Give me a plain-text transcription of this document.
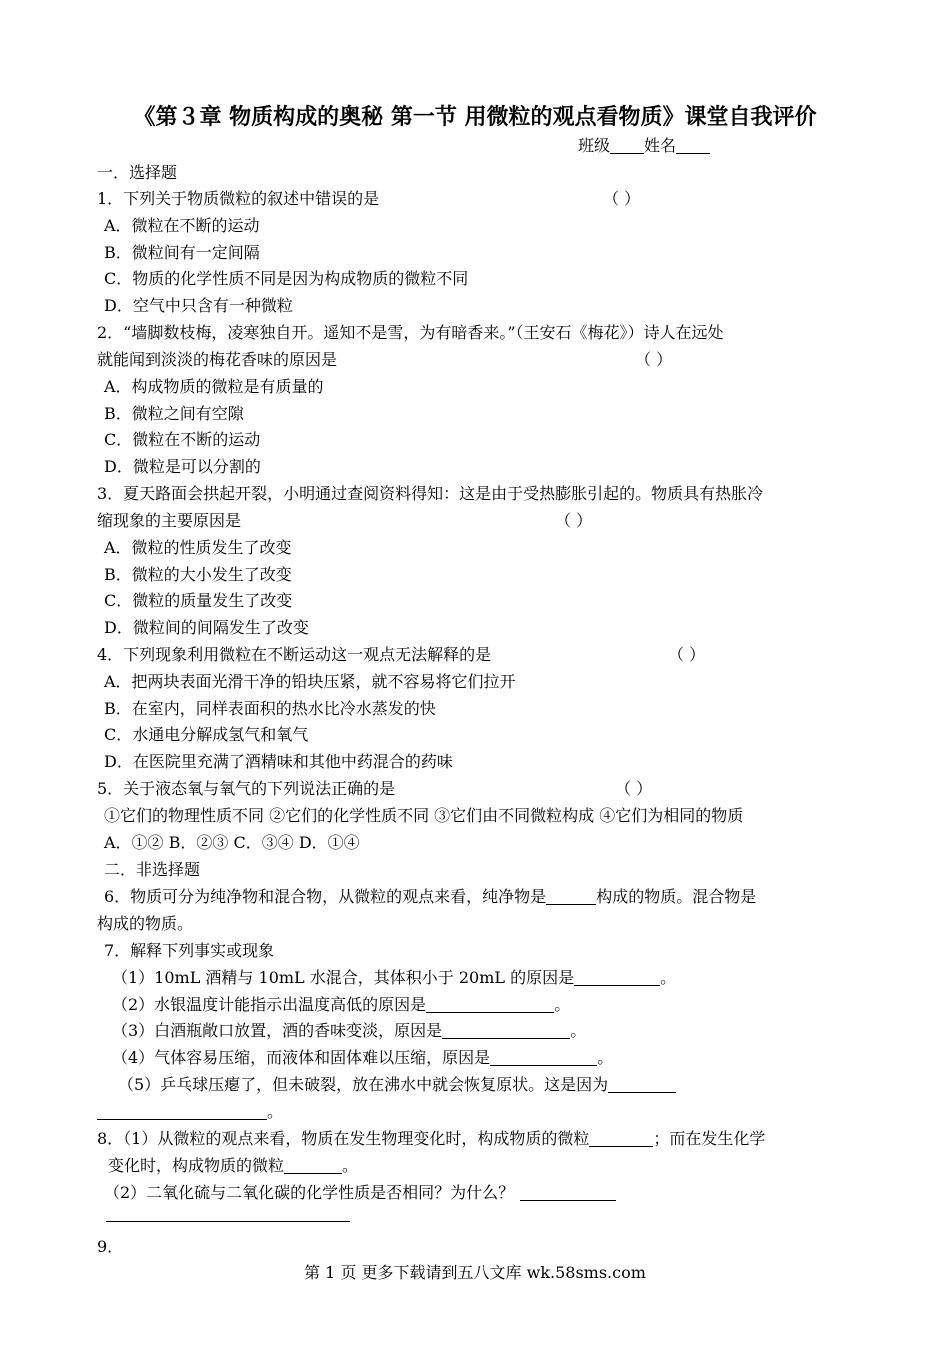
《第３章 物质构成的奥秘 第一节 用微粒的观点看物质》课堂自我评价
班级 姓名
一．选择题
1．下列关于物质微粒的叙述中错误的是	（ ）
A．微粒在不断的运动
B．微粒间有一定间隔
C．物质的化学性质不同是因为构成物质的微粒不同
D．空气中只含有一种微粒
2．“墙脚数枝梅，凌寒独自开。遥知不是雪，为有暗香来。”（王安石《梅花》）诗人在远处
就能闻到淡淡的梅花香味的原因是	（ ）
A．构成物质的微粒是有质量的
B．微粒之间有空隙
C．微粒在不断的运动
D．微粒是可以分割的
3．夏天路面会拱起开裂，小明通过查阅资料得知：这是由于受热膨胀引起的。物质具有热胀冷
缩现象的主要原因是	（ ）
A．微粒的性质发生了改变
B．微粒的大小发生了改变
C．微粒的质量发生了改变
D．微粒间的间隔发生了改变
4．下列现象利用微粒在不断运动这一观点无法解释的是	（ ）
A．把两块表面光滑干净的铅块压紧，就不容易将它们拉开
B．在室内，同样表面积的热水比冷水蒸发的快
C．水通电分解成氢气和氧气
D．在医院里充满了酒精味和其他中药混合的药味
5．关于液态氧与氧气的下列说法正确的是	（ ）
①它们的物理性质不同 ②它们的化学性质不同 ③它们由不同微粒构成 ④它们为相同的物质
A．①② B．②③ C．③④ D．①④
二．非选择题
6．物质可分为纯净物和混合物，从微粒的观点来看，纯净物是	构成的物质。混合物是
构成的物质。
7．解释下列事实或现象
（1）10mL 酒精与 10mL 水混合，其体积小于 20mL 的原因是	。
（2）水银温度计能指示出温度高低的原因是	。
（3）白酒瓶敞口放置，酒的香味变淡，原因是	。
（4）气体容易压缩，而液体和固体难以压缩，原因是	。
（5）乒乓球压瘪了，但未破裂，放在沸水中就会恢复原状。这是因为
。
8．（1）从微粒的观点来看，物质在发生物理变化时，构成物质的微粒	；而在发生化学
变化时，构成物质的微粒	。
（2）二氧化硫与二氧化碳的化学性质是否相同？为什么？
9．
第 1 页 更多下载请到五八文库 wk.58sms.com
